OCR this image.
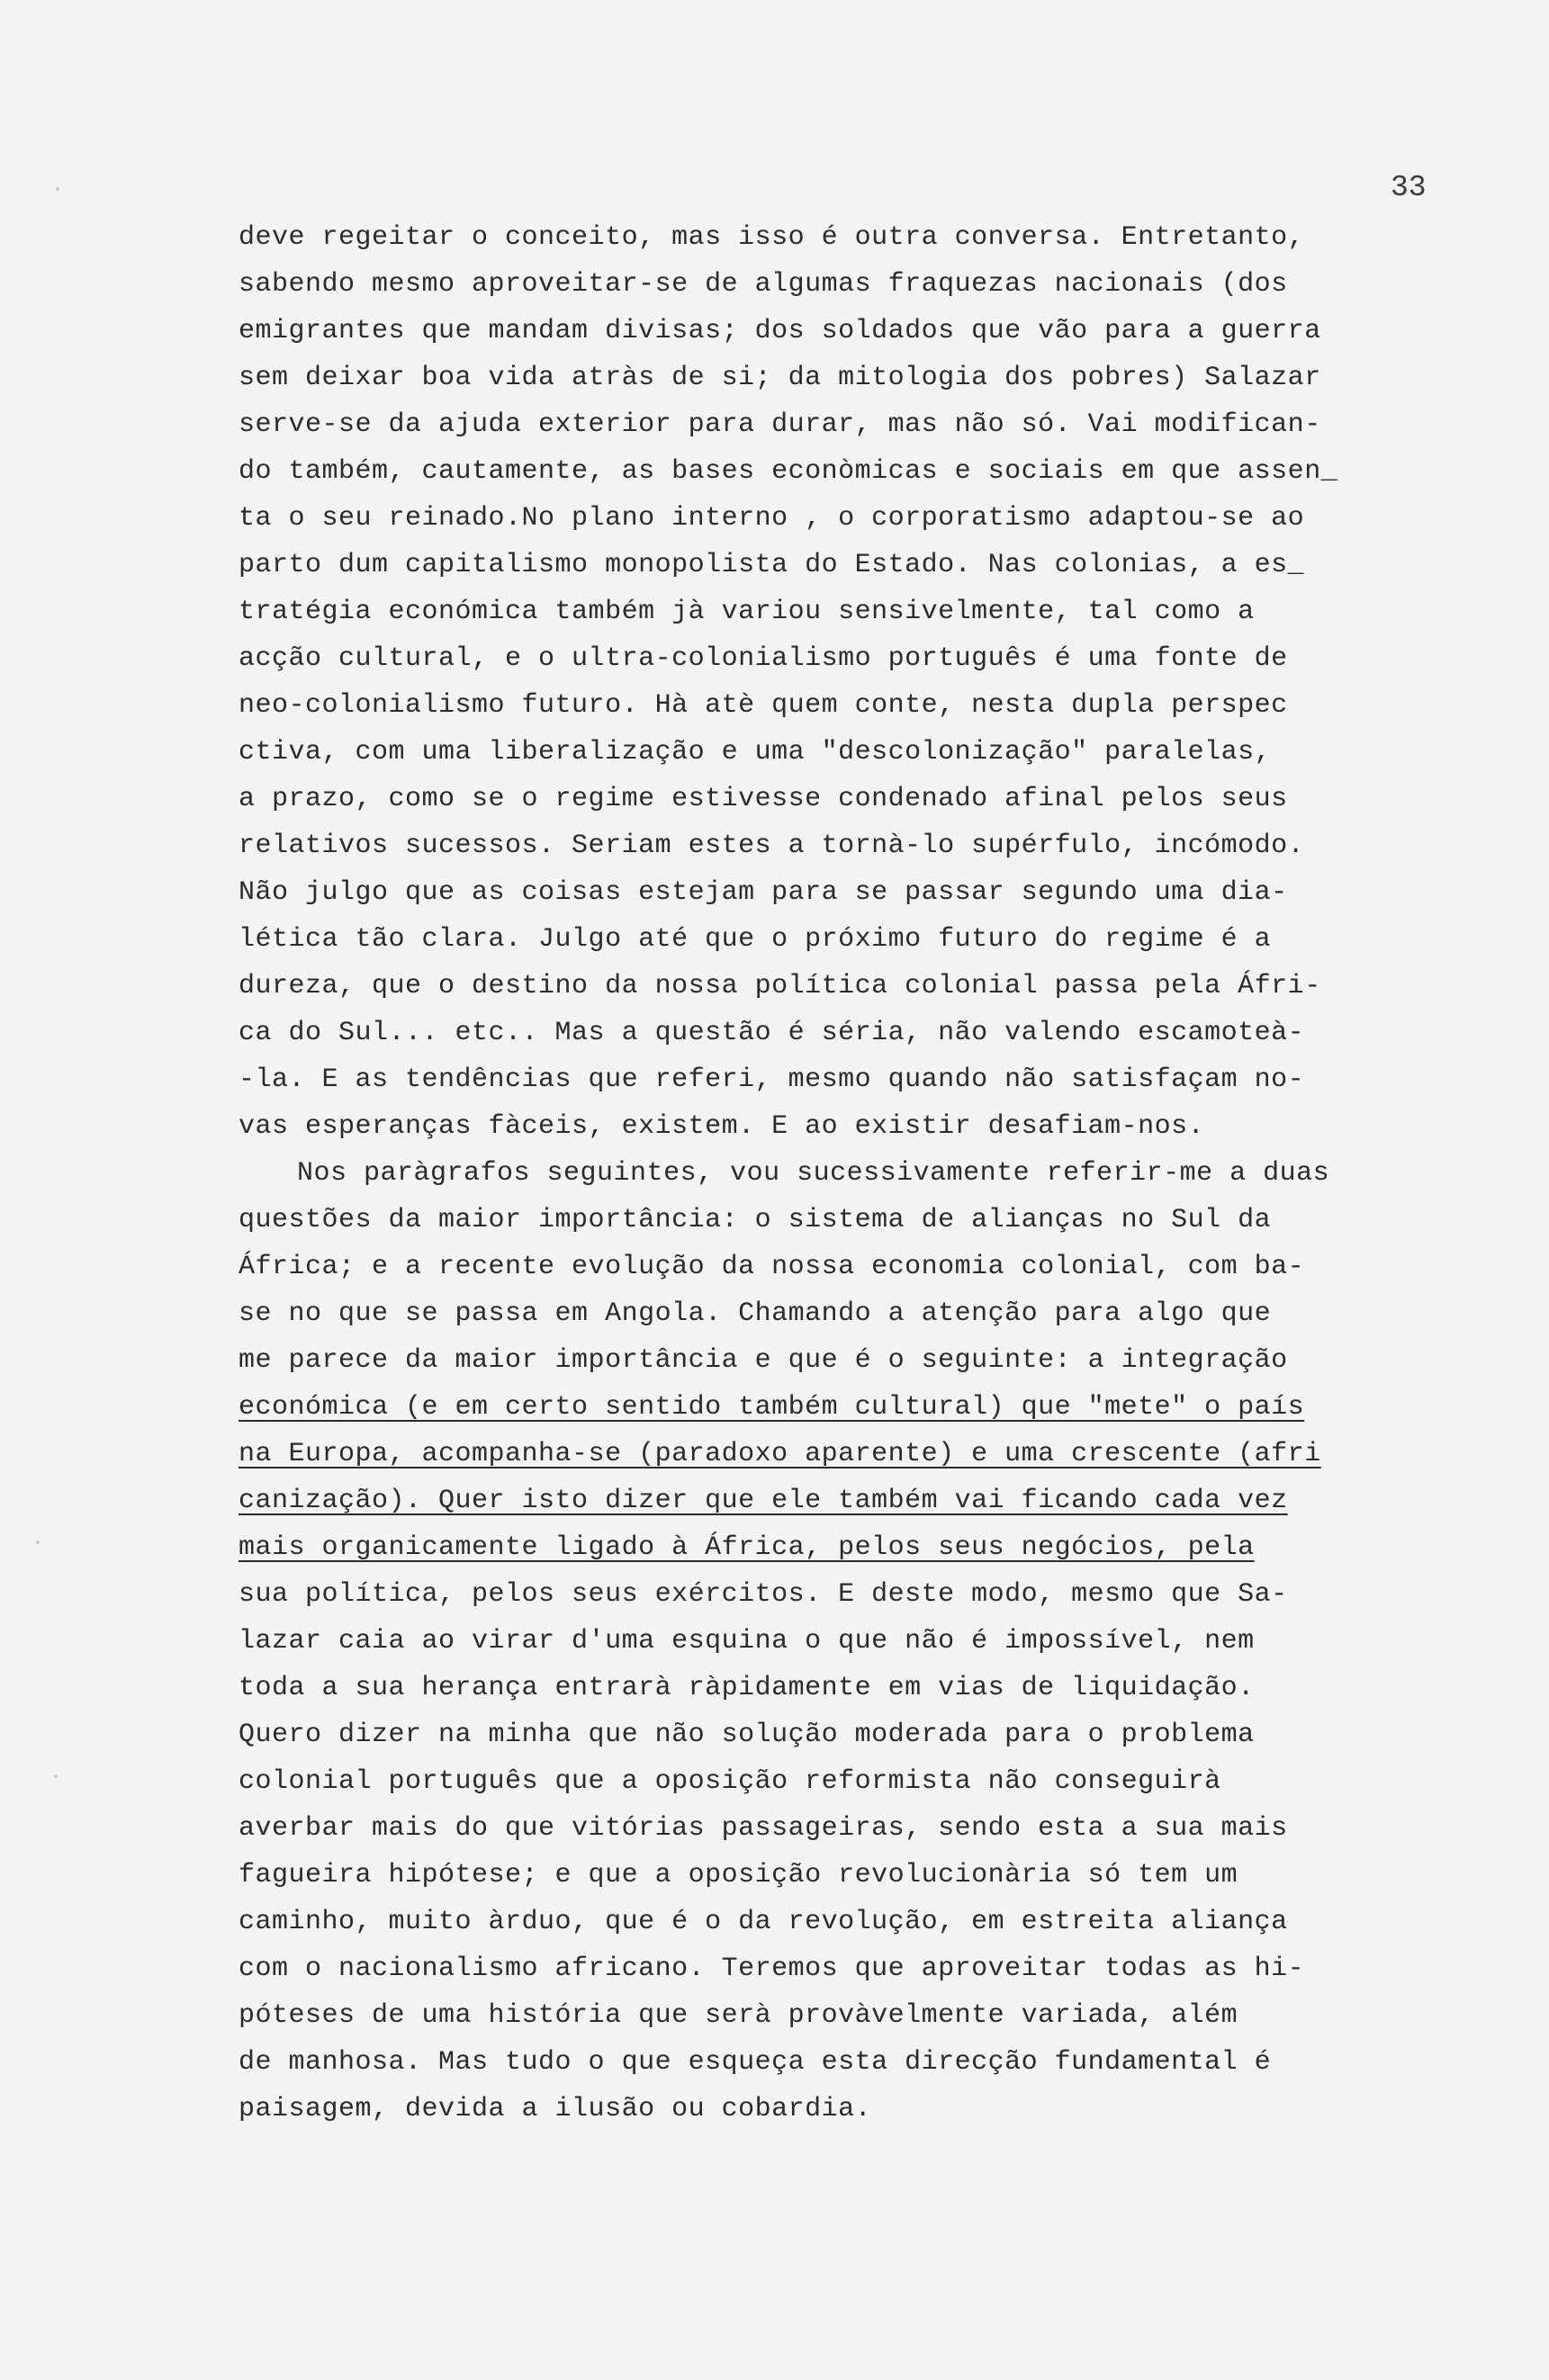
33
deve regeitar o conceito, mas isso é outra conversa. Entretanto,
sabendo mesmo aproveitar-se de algumas fraquezas nacionais (dos
emigrantes que mandam divisas; dos soldados que vão para a guerra
sem deixar boa vida atràs de si; da mitologia dos pobres) Salazar
serve-se da ajuda exterior para durar, mas não só. Vai modifican-
do também, cautamente, as bases econòmicas e sociais em que assen_
ta o seu reinado.No plano interno , o corporatismo adaptou-se ao
parto dum capitalismo monopolista do Estado. Nas colonias, a es_
tratégia económica também jà variou sensivelmente, tal como a
acção cultural, e o ultra-colonialismo português é uma fonte de
neo-colonialismo futuro. Hà atè quem conte, nesta dupla perspec
ctiva, com uma liberalização e uma "descolonização" paralelas,
a prazo, como se o regime estivesse condenado afinal pelos seus
relativos sucessos. Seriam estes a tornà-lo supérfulo, incómodo.
Não julgo que as coisas estejam para se passar segundo uma dia-
lética tão clara. Julgo até que o próximo futuro do regime é a
dureza, que o destino da nossa política colonial passa pela Áfri-
ca do Sul... etc.. Mas a questão é séria, não valendo escamoteà-
-la. E as tendências que referi, mesmo quando não satisfaçam no-
vas esperanças fàceis, existem. E ao existir desafiam-nos.
Nos paràgrafos seguintes, vou sucessivamente referir-me a duas
questões da maior importância: o sistema de alianças no Sul da
África; e a recente evolução da nossa economia colonial, com ba-
se no que se passa em Angola. Chamando a atenção para algo que
me parece da maior importância e que é o seguinte: a integração
económica (e em certo sentido também cultural) que "mete" o país
na Europa, acompanha-se (paradoxo aparente) e uma crescente (afri
canização). Quer isto dizer que ele também vai ficando cada vez
mais organicamente ligado à África, pelos seus negócios, pela
sua política, pelos seus exércitos. E deste modo, mesmo que Sa-
lazar caia ao virar d'uma esquina o que não é impossível, nem
toda a sua herança entrarà ràpidamente em vias de liquidação.
Quero dizer na minha que não solução moderada para o problema
colonial português que a oposição reformista não conseguirà
averbar mais do que vitórias passageiras, sendo esta a sua mais
fagueira hipótese; e que a oposição revolucionària só tem um
caminho, muito àrduo, que é o da revolução, em estreita aliança
com o nacionalismo africano. Teremos que aproveitar todas as hi-
póteses de uma história que serà provàvelmente variada, além
de manhosa. Mas tudo o que esqueça esta direcção fundamental é
paisagem, devida a ilusão ou cobardia.
